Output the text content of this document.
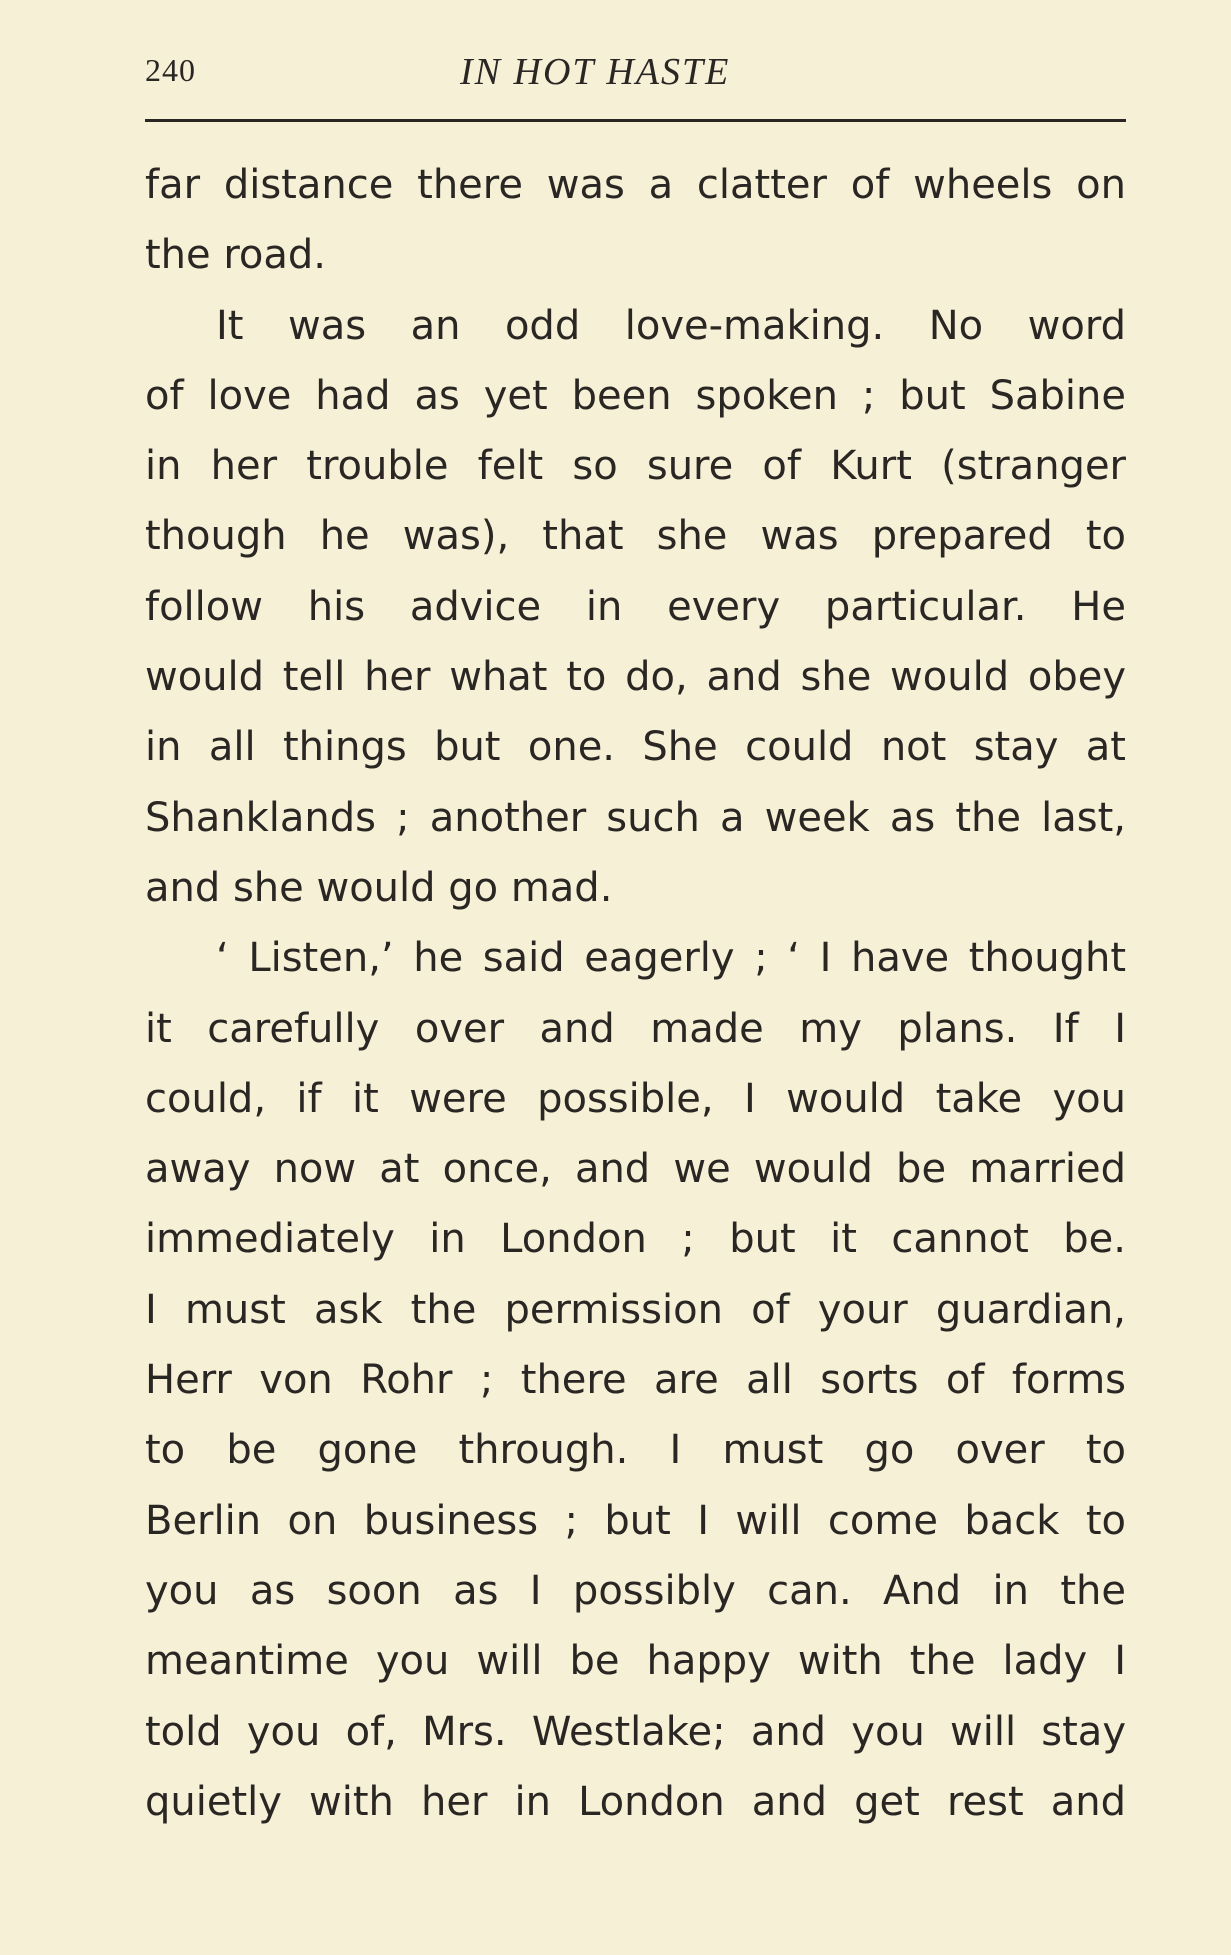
240	IN HOT HASTE
far distance there was a clatter of wheels on
the road.
It was an odd love-making. No word
of love had as yet been spoken ; but Sabine
in her trouble felt so sure of Kurt (stranger
though he was), that she was prepared to
follow his advice in every particular. He
would tell her what to do, and she would obey
in all things but one. She could not stay at
Shanklands ; another such a week as the last,
and she would go mad.
‘ Listen,’ he said eagerly ; ‘ I have thought
it carefully over and made my plans. If I
could, if it were possible, I would take you
away now at once, and we would be married
immediately in London ; but it cannot be.
I must ask the permission of your guardian,
Herr von Rohr ; there are all sorts of forms
to be gone through. I must go over to
Berlin on business ; but I will come back to
you as soon as I possibly can. And in the
meantime you will be happy with the lady I
told you of, Mrs. Westlake; and you will stay
quietly with her in London and get rest and
